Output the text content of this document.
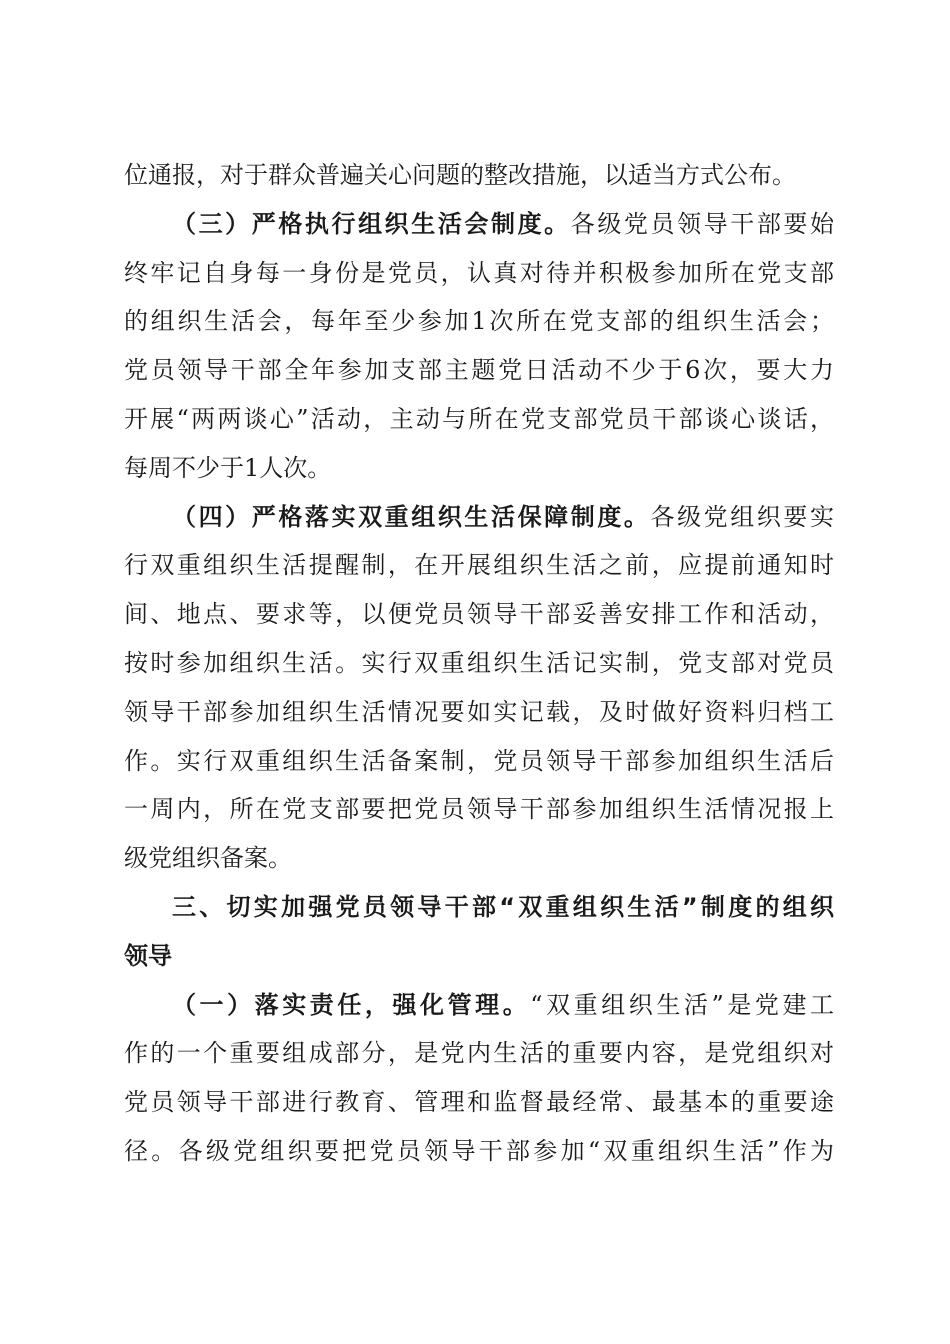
位通报，对于群众普遍关心问题的整改措施，以适当方式公布。
（三）严格执行组织生活会制度。各级党员领导干部要始
终牢记自身每一身份是党员，认真对待并积极参加所在党支部
的组织生活会，每年至少参加1次所在党支部的组织生活会；
党员领导干部全年参加支部主题党日活动不少于6次，要大力
开展“两两谈心”活动，主动与所在党支部党员干部谈心谈话，
每周不少于1人次。
（四）严格落实双重组织生活保障制度。各级党组织要实
行双重组织生活提醒制，在开展组织生活之前，应提前通知时
间、地点、要求等，以便党员领导干部妥善安排工作和活动，
按时参加组织生活。实行双重组织生活记实制，党支部对党员
领导干部参加组织生活情况要如实记载，及时做好资料归档工
作。实行双重组织生活备案制，党员领导干部参加组织生活后
一周内，所在党支部要把党员领导干部参加组织生活情况报上
级党组织备案。
三、切实加强党员领导干部“双重组织生活”制度的组织
领导
（一）落实责任，强化管理。“双重组织生活”是党建工
作的一个重要组成部分，是党内生活的重要内容，是党组织对
党员领导干部进行教育、管理和监督最经常、最基本的重要途
径。各级党组织要把党员领导干部参加“双重组织生活”作为
